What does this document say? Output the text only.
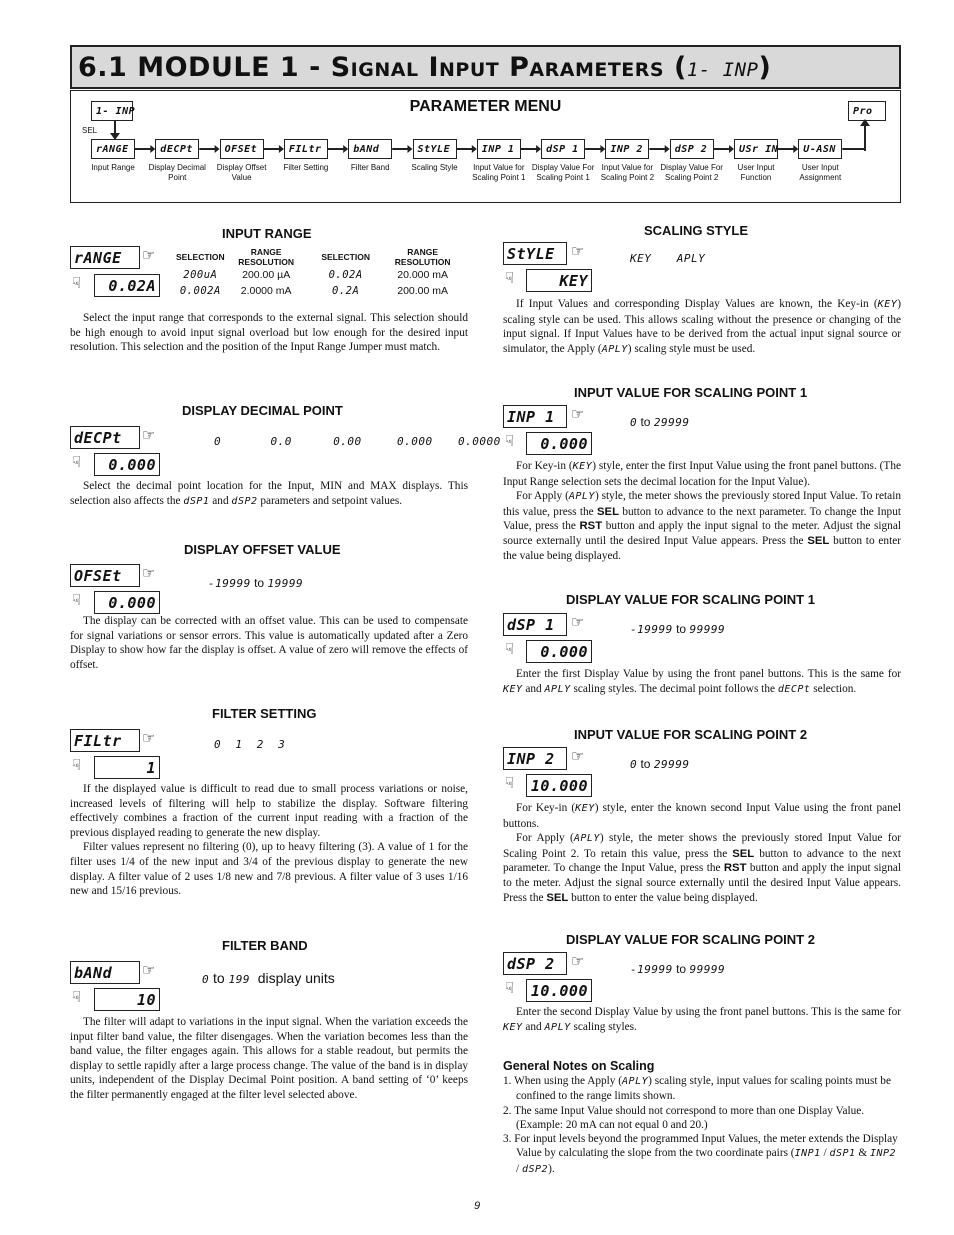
6.1 MODULE 1 - Signal Input Parameters (1- INP)
PARAMETER MENU
1- INP
SEL
Pro
rANGE
Input Range
dECPt
Display Decimal Point
OFSEt
Display Offset Value
FILtr
Filter Setting
bANd
Filter Band
StYLE
Scaling Style
INP 1
Input Value for Scaling Point 1
dSP 1
Display Value For Scaling Point 1
INP 2
Input Value for Scaling Point 2
dSP 2
Display Value For Scaling Point 2
USr IN
User Input Function
U-ASN
User Input Assignment
INPUT RANGE
rANGE	☞
☟	0.02A
SELECTION	RANGE RESOLUTION	SELECTION	RANGE RESOLUTION
200uA	200.00 µA	0.02A	20.000 mA
0.002A	2.0000 mA	0.2A	200.00 mA

Select the input range that corresponds to the external signal. This selection should be high enough to avoid input signal overload but low enough for the desired input resolution. This selection and the position of the Input Range Jumper must match.

DISPLAY DECIMAL POINT
dECPt	☞
☟	0.000
0	0.0	0.00	0.000 0.0000

Select the decimal point location for the Input, MIN and MAX displays. This selection also affects the dSP1 and dSP2 parameters and setpoint values.

DISPLAY OFFSET VALUE
OFSEt	☞
☟	0.000
-19999 to 19999

The display can be corrected with an offset value. This can be used to compensate for signal variations or sensor errors. This value is automatically updated after a Zero Display to show how far the display is offset. A value of zero will remove the effects of offset.

FILTER SETTING
FILtr	☞
☟	1
0  1  2  3

If the displayed value is difficult to read due to small process variations or noise, increased levels of filtering will help to stabilize the display. Software filtering effectively combines a fraction of the current input reading with a fraction of the previous displayed reading to generate the new display.

Filter values represent no filtering (0), up to heavy filtering (3). A value of 1 for the filter uses 1/4 of the new input and 3/4 of the previous display to generate the new display. A filter value of 2 uses 1/8 new and 7/8 previous. A filter value of 3 uses 1/16 new and 15/16 previous.

FILTER BAND
bANd	☞
☟	10
0 to 199 display units

The filter will adapt to variations in the input signal. When the variation exceeds the input filter band value, the filter disengages. When the variation becomes less than the band value, the filter engages again. This allows for a stable readout, but permits the display to settle rapidly after a large process change. The value of the band is in display units, independent of the Display Decimal Point position. A band setting of ‘0’ keeps the filter permanently engaged at the filter level selected above.

SCALING STYLE
StYLE	☞
☟	KEY
KEY APLY

If Input Values and corresponding Display Values are known, the Key-in (KEY) scaling style can be used. This allows scaling without the presence or changing of the input signal. If Input Values have to be derived from the actual input signal source or simulator, the Apply (APLY) scaling style must be used.

INPUT VALUE FOR SCALING POINT 1
INP 1	☞
☟	0.000
0 to 29999

For Key-in (KEY) style, enter the first Input Value using the front panel buttons. (The Input Range selection sets the decimal location for the Input Value).

For Apply (APLY) style, the meter shows the previously stored Input Value. To retain this value, press the SEL button to advance to the next parameter. To change the Input Value, press the RST button and apply the input signal to the meter. Adjust the signal source externally until the desired Input Value appears. Press the SEL button to enter the value being displayed.

DISPLAY VALUE FOR SCALING POINT 1
dSP 1	☞
☟	0.000
-19999 to 99999

Enter the first Display Value by using the front panel buttons. This is the same for KEY and APLY scaling styles. The decimal point follows the dECPt selection.

INPUT VALUE FOR SCALING POINT 2
INP 2	☞
☟	10.000
0 to 29999

For Key-in (KEY) style, enter the known second Input Value using the front panel buttons.

For Apply (APLY) style, the meter shows the previously stored Input Value for Scaling Point 2. To retain this value, press the SEL button to advance to the next parameter. To change the Input Value, press the RST button and apply the input signal to the meter. Adjust the signal source externally until the desired Input Value appears. Press the SEL button to enter the value being displayed.

DISPLAY VALUE FOR SCALING POINT 2
dSP 2	☞
☟	10.000
-19999 to 99999

Enter the second Display Value by using the front panel buttons. This is the same for KEY and APLY scaling styles.

General Notes on Scaling
1. When using the Apply (APLY) scaling style, input values for scaling points must be confined to the range limits shown.
2. The same Input Value should not correspond to more than one Display Value. (Example: 20 mA can not equal 0 and 20.)
3. For input levels beyond the programmed Input Values, the meter extends the Display Value by calculating the slope from the two coordinate pairs (INP1 / dSP1 & INP2 / dSP2).
9
